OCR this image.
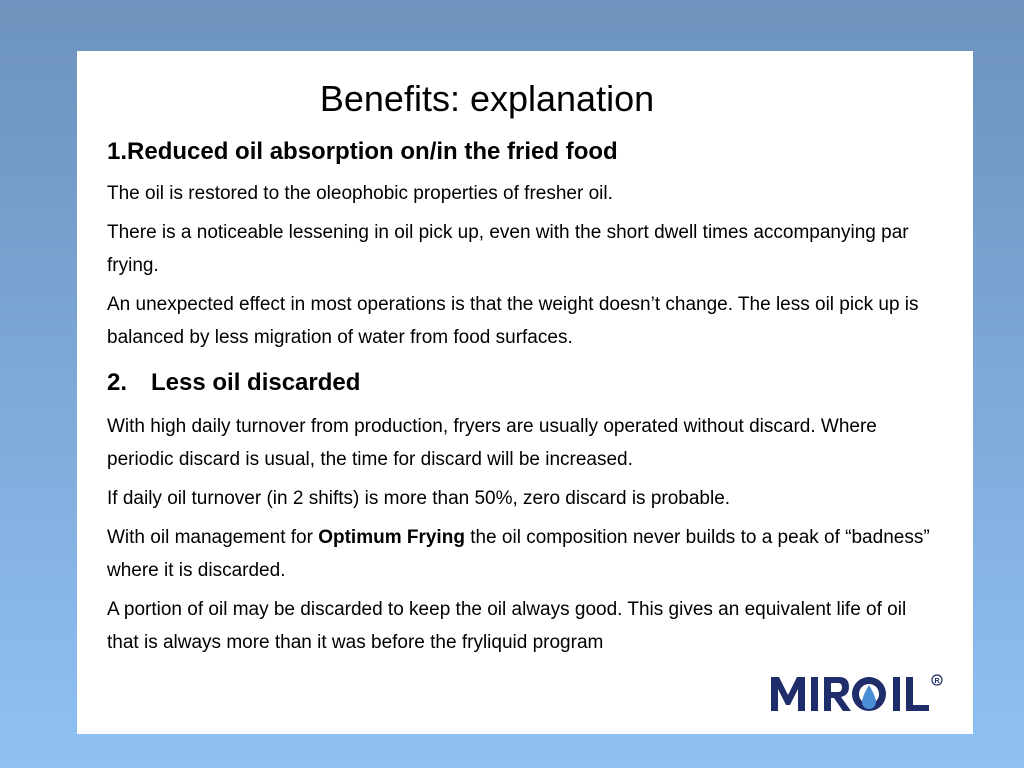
Benefits: explanation
1.Reduced oil absorption on/in the fried food
The oil is restored to the oleophobic properties of fresher oil.
There is a noticeable lessening in oil pick up, even with the short dwell times accompanying par frying.
An unexpected effect in most operations is that the weight doesn’t change. The less oil pick up is balanced by less migration of water from food surfaces.
2. Less oil discarded
With high daily turnover from production, fryers are usually operated without discard. Where periodic discard is usual, the time for discard will be increased.
If daily oil turnover (in 2 shifts) is more than 50%, zero discard is probable.
With oil management for Optimum Frying the oil composition never builds to a peak of “badness” where it is discarded.
A portion of oil may be discarded to keep the oil always good. This gives an equivalent life of oil that is always more than it was before the fryliquid program
R
